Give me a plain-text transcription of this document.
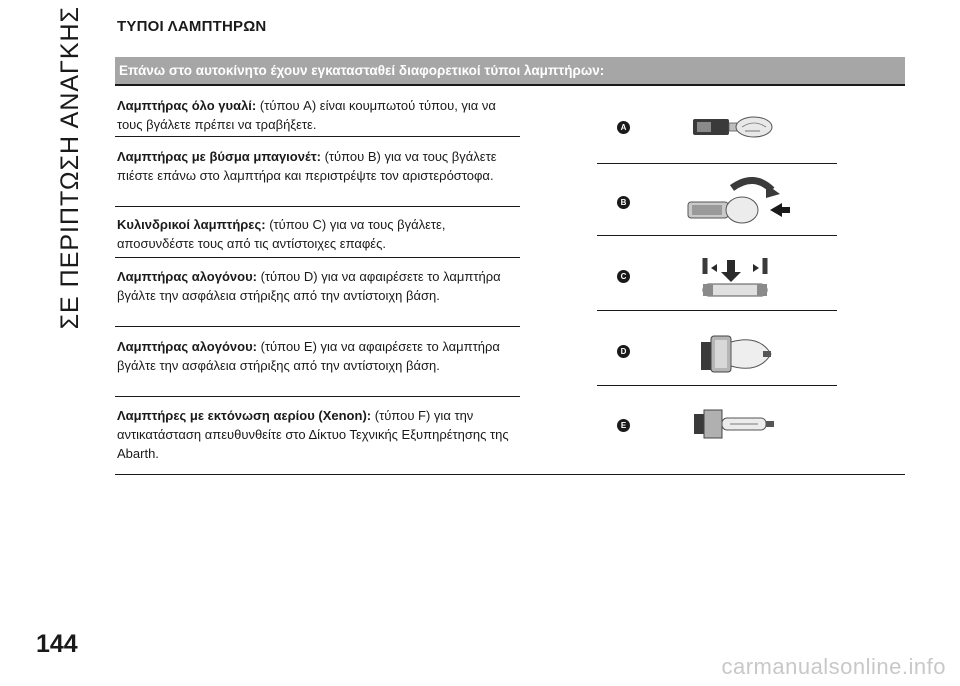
ΣΕ ΠΕΡΙΠΤΩΣΗ ΑΝΑΓΚΗΣ
144
ΤΥΠΟΙ ΛΑΜΠΤΗΡΩΝ
Επάνω στο αυτοκίνητο έχουν εγκατασταθεί διαφορετικοί τύποι λαμπτήρων:
Λαμπτήρας όλο γυαλί: (τύπου A) είναι κουμπωτού τύπου, για να τους βγάλετε πρέπει να τραβήξετε.
Λαμπτήρας με βύσμα μπαγιονέτ: (τύπου B) για να τους βγάλετε πιέστε επάνω στο λαμπτήρα και περιστρέψτε τον αριστερόστοφα.
Κυλινδρικοί λαμπτήρες: (τύπου C) για να τους βγάλετε, αποσυνδέστε τους από τις αντίστοιχες επαφές.
Λαμπτήρας αλογόνου: (τύπου D) για να αφαιρέσετε το λαμπτήρα βγάλτε την ασφάλεια στήριξης από την αντίστοιχη βάση.
Λαμπτήρας αλογόνου: (τύπου E) για να αφαιρέσετε το λαμπτήρα βγάλτε την ασφάλεια στήριξης από την αντίστοιχη βάση.
Λαμπτήρες με εκτόνωση αερίου (Xenon): (τύπου F) για την αντικατάσταση απευθυνθείτε στο Δίκτυο Τεχνικής Εξυπηρέτησης της Abarth.
A
B
C
D
E
carmanualsonline.info
